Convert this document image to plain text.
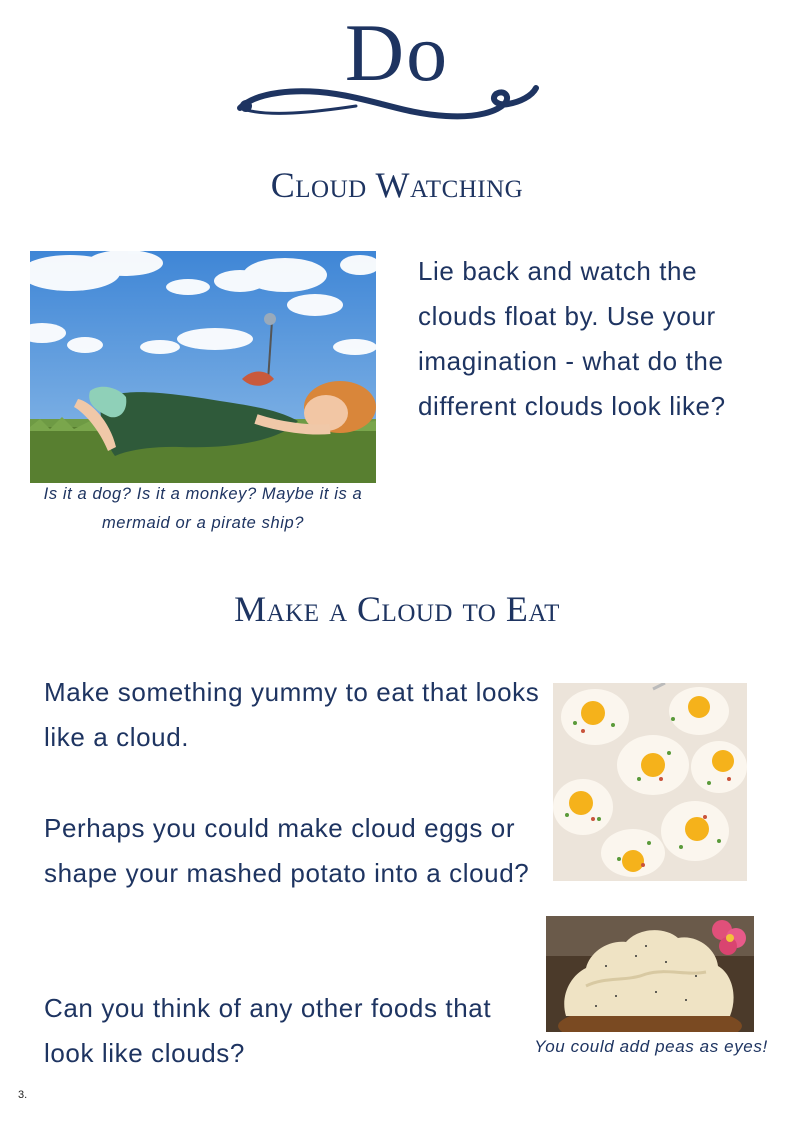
Do
Cloud Watching
Lie back and watch the clouds float by. Use your imagination - what do the different clouds look like?
Is it a dog? Is it a monkey? Maybe it is a mermaid or a pirate ship?
Make a Cloud to Eat
Make something yummy to eat that looks like a cloud.
Perhaps you could make cloud eggs or shape your mashed potato into a cloud?
Can you think of any other foods that look like clouds?	You could add peas as eyes!
3.
